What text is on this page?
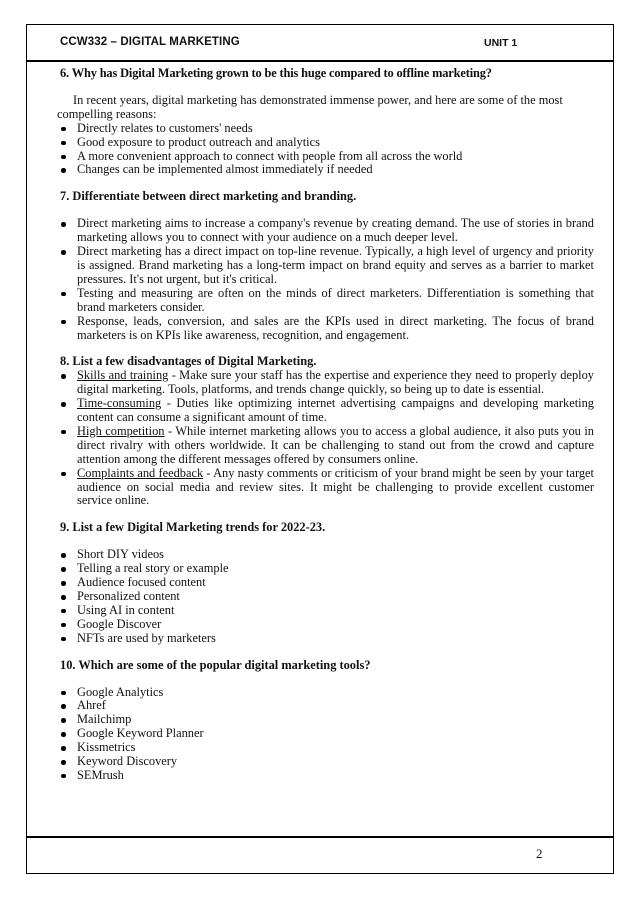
CCW332 – DIGITAL MARKETING	UNIT 1
6. Why has Digital Marketing grown to be this huge compared to offline marketing?

In recent years, digital marketing has demonstrated immense power, and here are some of the most compelling reasons:

Directly relates to customers' needs
Good exposure to product outreach and analytics
A more convenient approach to connect with people from all across the world
Changes can be implemented almost immediately if needed
7. Differentiate between direct marketing and branding.
Direct marketing aims to increase a company's revenue by creating demand. The use of stories in brand marketing allows you to connect with your audience on a much deeper level.
Direct marketing has a direct impact on top-line revenue. Typically, a high level of urgency and priority is assigned. Brand marketing has a long-term impact on brand equity and serves as a barrier to market pressures. It's not urgent, but it's critical.
Testing and measuring are often on the minds of direct marketers. Differentiation is something that brand marketers consider.
Response, leads, conversion, and sales are the KPIs used in direct marketing. The focus of brand marketers is on KPIs like awareness, recognition, and engagement.
8. List a few disadvantages of Digital Marketing.
Skills and training - Make sure your staff has the expertise and experience they need to properly deploy digital marketing. Tools, platforms, and trends change quickly, so being up to date is essential.
Time-consuming - Duties like optimizing internet advertising campaigns and developing marketing content can consume a significant amount of time.
High competition - While internet marketing allows you to access a global audience, it also puts you in direct rivalry with others worldwide. It can be challenging to stand out from the crowd and capture attention among the different messages offered by consumers online.
Complaints and feedback - Any nasty comments or criticism of your brand might be seen by your target audience on social media and review sites. It might be challenging to provide excellent customer service online.
9. List a few Digital Marketing trends for 2022-23.
Short DIY videos
Telling a real story or example
Audience focused content
Personalized content
Using AI in content
Google Discover
NFTs are used by marketers
10. Which are some of the popular digital marketing tools?
Google Analytics
Ahref
Mailchimp
Google Keyword Planner
Kissmetrics
Keyword Discovery
SEMrush
2
